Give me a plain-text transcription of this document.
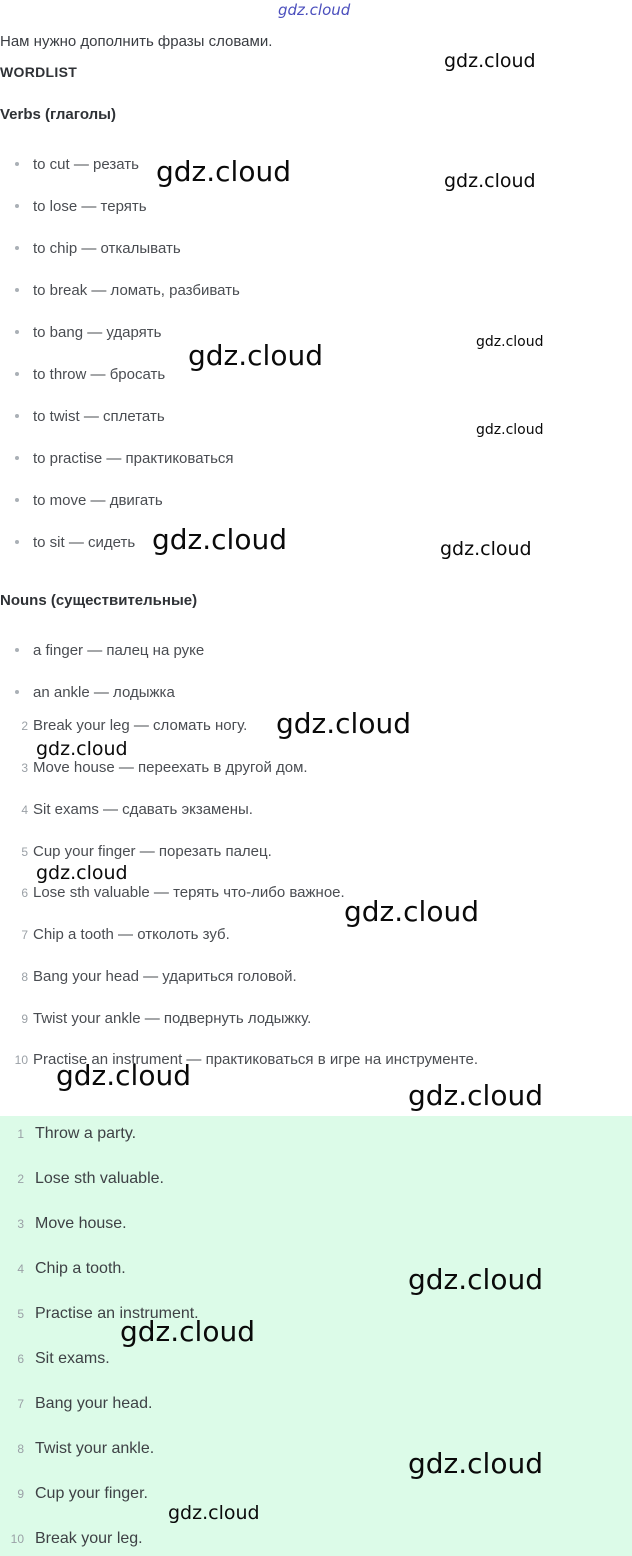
gdz.cloud
Нам нужно дополнить фразы словами.
WORDLIST
Verbs (глаголы)
to cut — резать
to lose — терять
to chip — откалывать
to break — ломать, разбивать
to bang — ударять
to throw — бросать
to twist — сплетать
to practise — практиковаться
to move — двигать
to sit — сидеть
Nouns (существительные)
a finger — палец на руке
an ankle — лодыжка
2 Break your leg — сломать ногу.
3 Move house — переехать в другой дом.
4 Sit exams — сдавать экзамены.
5 Cup your finger — порезать палец.
6 Lose sth valuable — терять что-либо важное.
7 Chip a tooth — отколоть зуб.
8 Bang your head — удариться головой.
9 Twist your ankle — подвернуть лодыжку.
10 Practise an instrument — практиковаться в игре на инструменте.
1 Throw a party.
2 Lose sth valuable.
3 Move house.
4 Chip a tooth.
5 Practise an instrument.
6 Sit exams.
7 Bang your head.
8 Twist your ankle.
9 Cup your finger.
10 Break your leg.
gdz.cloud
gdz.cloud	gdz.cloud
gdz.cloud
gdz.cloud
gdz.cloud
gdz.cloud	gdz.cloud
gdz.cloud
gdz.cloud
gdz.cloud
gdz.cloud
gdz.cloud
gdz.cloud
gdz.cloud
gdz.cloud
gdz.cloud
gdz.cloud
